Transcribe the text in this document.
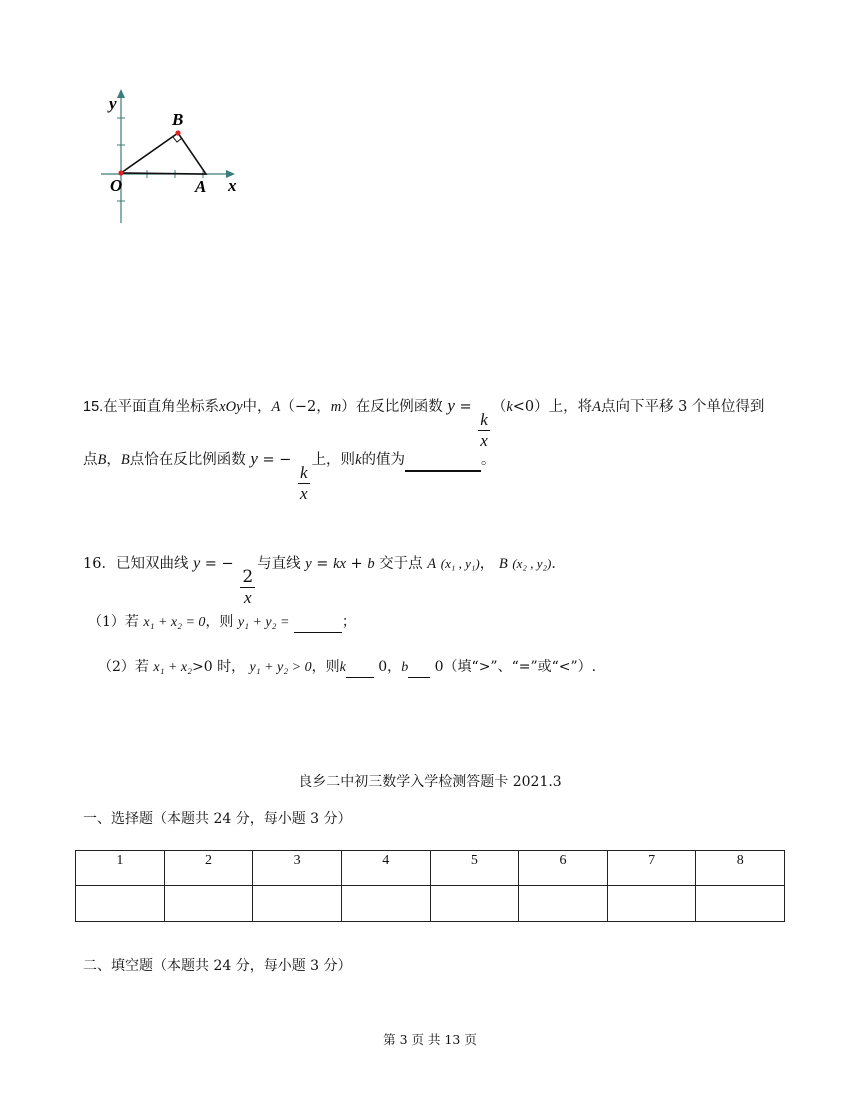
y
B
O	A x
15.在平面直角坐标系xOy中，A（−2，m）在反比例函数 y =
$\frac{k}{x}$
（k<0）上，将A点向下平移 3 个单位得到
点B，B点恰在反比例函数 y = −
$\frac{k}{x}$
上，则k的值为	。
16．已知双曲线 y = −
$\frac{2}{x}$
与直线 y = kx + b 交于点 A (x₁ , y₁)， B (x₂ , y₂)．
（1）若 x₁ + x₂ = 0，则 y₁ + y₂ =	；
（2）若 x₁ + x₂>0 时， y₁ + y₂ > 0，则k 0，b 0（填“>”、“=”或“<”）.
良乡二中初三数学入学检测答题卡 2021.3
一、选择题（本题共 24 分，每小题 3 分）
1	2	3	4	5	6	7	8

二、填空题（本题共 24 分，每小题 3 分）
第 3 页 共 13 页
